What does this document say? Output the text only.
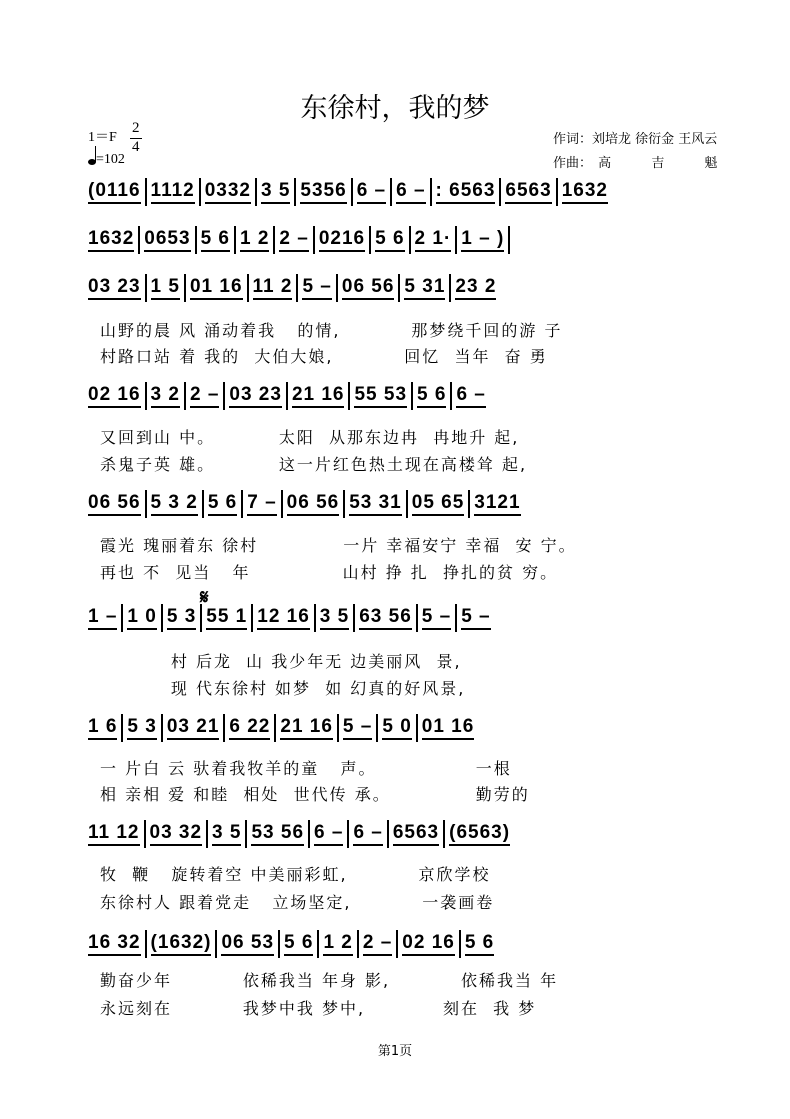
东徐村，我的梦
1＝F
2
4
=102
作词：刘培龙 徐衍金 王风云
作曲： 高	吉	魁
(0116 1112 0332 3 5 5356 6 –6 –: 6563 6563 1632
1632 0653 5 6 1 2 2 –0216 5 6 2 1· 1 – )
03 23 1 5 01 16 11 2 5 –06 56 5 31 23 2
02 16 3 2 2 –03 23 21 16 55 53 5 6 6 –
06 56 5 3 2 5 6 7 –06 56 53 31 05 65 3121
1 –1 0 5 3 55 1 12 16 3 5 63 56 5 –5 –
1 6 5 3 03 21 6 22 21 16 5 –5 0 01 16
11 12 03 32 3 5 53 56 6 –6 –6563 (6563)
16 32 (1632) 06 53 5 6 1 2 2 –02 16 5 6
山野的晨 风 涌动着我   的情,          那梦绕千回的游 子
村路口站 着 我的  大伯大娘,          回忆  当年  奋 勇
又回到山 中。         太阳  从那东边冉  冉地升 起,
杀鬼子英 雄。         这一片红色热土现在高楼耸 起,
霞光 瑰丽着东 徐村            一片 幸福安宁 幸福  安 宁。
再也 不  见当   年             山村 挣 扎  挣扎的贫 穷。
村 后龙  山 我少年无 边美丽风  景,
现 代东徐村 如梦  如 幻真的好风景,
一 片白 云 驮着我牧羊的童   声。              一根
相 亲相 爱 和睦  相处  世代传 承。            勤劳的
牧  鞭   旋转着空 中美丽彩虹,          京欣学校
东徐村人 跟着党走   立场坚定,          一袭画卷
勤奋少年          依稀我当 年身 影,          依稀我当 年
永远刻在          我梦中我 梦中,           刻在  我 梦
𝄋
第1页
